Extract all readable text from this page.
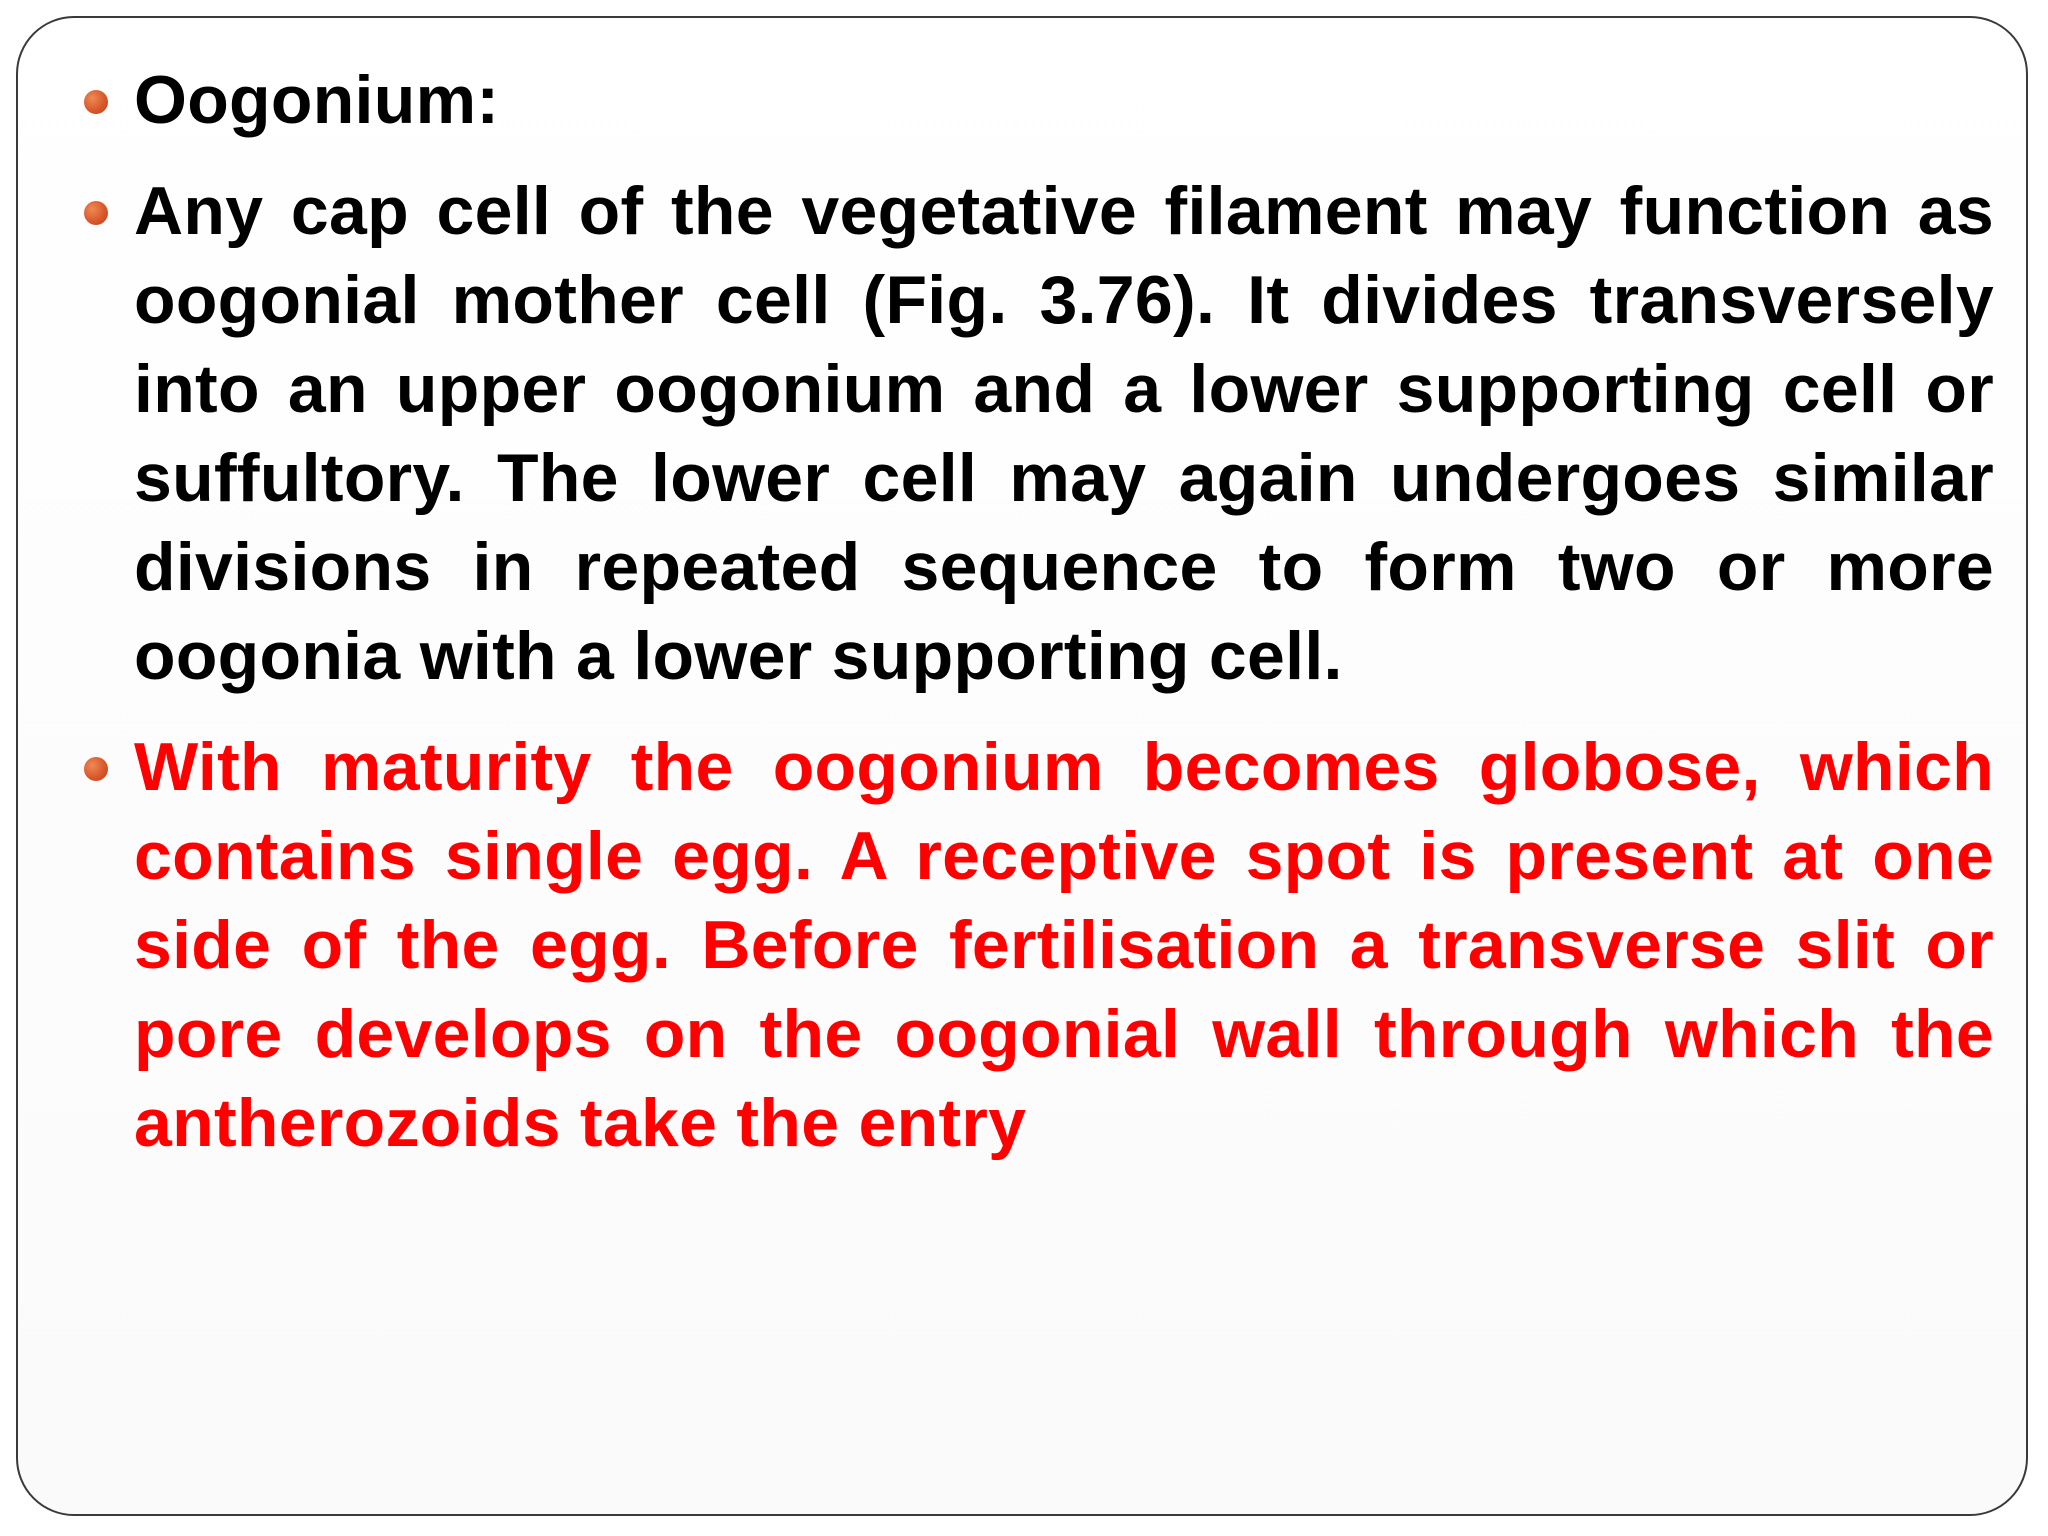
Oogonium:
Any cap cell of the vegetative filament may function as oogonial mother cell (Fig. 3.76). It divides transversely into an upper oogonium and a lower supporting cell or suffultory. The lower cell may again undergoes similar divisions in repeated sequence to form two or more oogonia with a lower supporting cell.
With maturity the oogonium becomes globose, which contains single egg. A receptive spot is present at one side of the egg. Before fertilisation a transverse slit or pore develops on the oogonial wall through which the antherozoids take the entry
